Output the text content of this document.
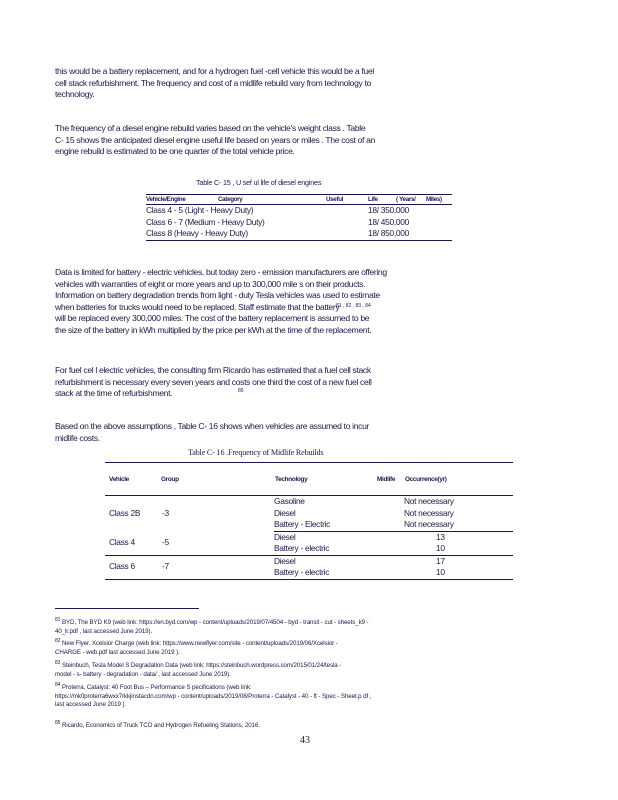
this would be a battery replacement, and for a hydrogen fuel -cell vehicle this would be a fuel
cell stack refurbishment. The frequency and cost of a midlife rebuild vary from technology to
technology.
The frequency of a diesel engine rebuild varies based on the vehicle's weight class . Table
C- 15 shows the anticipated diesel engine useful life based on years or miles . The cost of an
engine rebuild is estimated to be one quarter of the total vehicle price.
Table C- 15 , U sef ul life of diesel engines
Vehicle/Engine	Category	Useful	Life	( Years/	Miles)
Class 4 - 5 (Light - Heavy Duty)			18/ 350,000		
Class 6 - 7 (Medium - Heavy Duty)			18/ 450,000		
Class 8 (Heavy - Heavy Duty)			18/ 850,000		
Data is limited for battery - electric vehicles, but today zero - emission manufacturers are offering
vehicles with warranties of eight or more years and up to 300,000 mile s on their products.
Information on battery degradation trends from light - duty Tesla vehicles was used to estimate
when batteries for trucks would need to be replaced. Staff estimate that the battery
will be replaced every 300,000 miles. The cost of the battery replacement is assumed to be
the size of the battery in kWh multiplied by the price per kWh at the time of the replacement.
81 , 82 , 83 , 84
For fuel cel l electric vehicles, the consulting firm Ricardo has estimated that a fuel cell stack
refurbishment is necessary every seven years and costs one third the cost of a new fuel cell
stack at the time of refurbishment.	85
Based on the above assumptions , Table C- 16 shows when vehicles are assumed to incur
midlife costs.
Table C- 16 .Frequency of Midlife Rebuilds
Vehicle	Group	Technology	Midlife	Occurrence(yr)
Class 2B	-3	Gasoline		Not necessary
		Diesel		Not necessary
		Battery - Electric		Not necessary
Class 4	-5	Diesel		13
		Battery - electric		10
Class 6	-7	Diesel		17
		Battery - electric		10
$^{81}$ BYD, The BYD K9 (web link: https://en.byd.com/wp - content/uploads/2019/07/4504 - byd - transit - cut - sheets_k9 -
40_lr.pdf , last accessed June 2019).
$^{82}$ New Flyer, Xcelsior Charge (web link: https://www.newflyer.com/site - content/uploads/2019/06/Xcelsior -
CHARGE - web.pdf last accessed June 2019 ).
$^{83}$ Steinbuch, Tesla Model S Degradation Data (web link: https://steinbuch.wordpress.com/2015/01/24/tesla -
model - s- battery - degradation - data/ , last accessed June 2019).
$^{84}$ Proterra, Catalyst: 40 Foot Bus – Performance S pecifications (web link:
https://mk0proterra6wxx7rkkjinstacdn.com/wp - content/uploads/2019/08/Proterra - Catalyst - 40 - ft - Spec - Sheet.p df ,
last accessed June 2019 ).
$^{85}$ Ricardo, Economics of Truck TCO and Hydrogen Refueling Stations, 2016.
43
